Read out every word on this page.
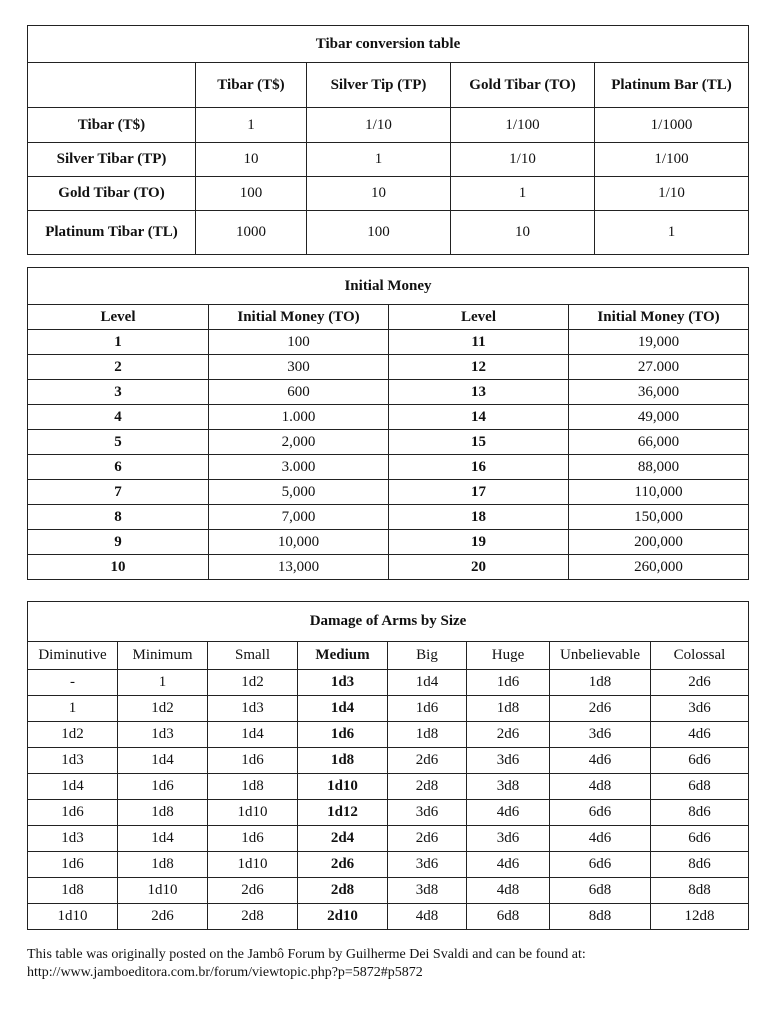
Tibar conversion table				
	Tibar (T$)	Silver Tip (TP)	Gold Tibar (TO)	Platinum Bar (TL)
Tibar (T$)	1	1/10	1/100	1/1000
Silver Tibar (TP)	10	1	1/10	1/100
Gold Tibar (TO)	100	10	1	1/10
Platinum Tibar (TL)	1000	100	10	1
Initial Money			
Level	Initial Money (TO)	Level	Initial Money (TO)
1	100	11	19,000
2	300	12	27.000
3	600	13	36,000
4	1.000	14	49,000
5	2,000	15	66,000
6	3.000	16	88,000
7	5,000	17	110,000
8	7,000	18	150,000
9	10,000	19	200,000
10	13,000	20	260,000
Damage of Arms by Size							
Diminutive	Minimum	Small	Medium	Big	Huge	Unbelievable	Colossal
-	1	1d2	1d3	1d4	1d6	1d8	2d6
1	1d2	1d3	1d4	1d6	1d8	2d6	3d6
1d2	1d3	1d4	1d6	1d8	2d6	3d6	4d6
1d3	1d4	1d6	1d8	2d6	3d6	4d6	6d6
1d4	1d6	1d8	1d10	2d8	3d8	4d8	6d8
1d6	1d8	1d10	1d12	3d6	4d6	6d6	8d6
1d3	1d4	1d6	2d4	2d6	3d6	4d6	6d6
1d6	1d8	1d10	2d6	3d6	4d6	6d6	8d6
1d8	1d10	2d6	2d8	3d8	4d8	6d8	8d8
1d10	2d6	2d8	2d10	4d8	6d8	8d8	12d8
This table was originally posted on the Jambô Forum by Guilherme Dei Svaldi and can be found at:
http://www.jamboeditora.com.br/forum/viewtopic.php?p=5872#p5872
